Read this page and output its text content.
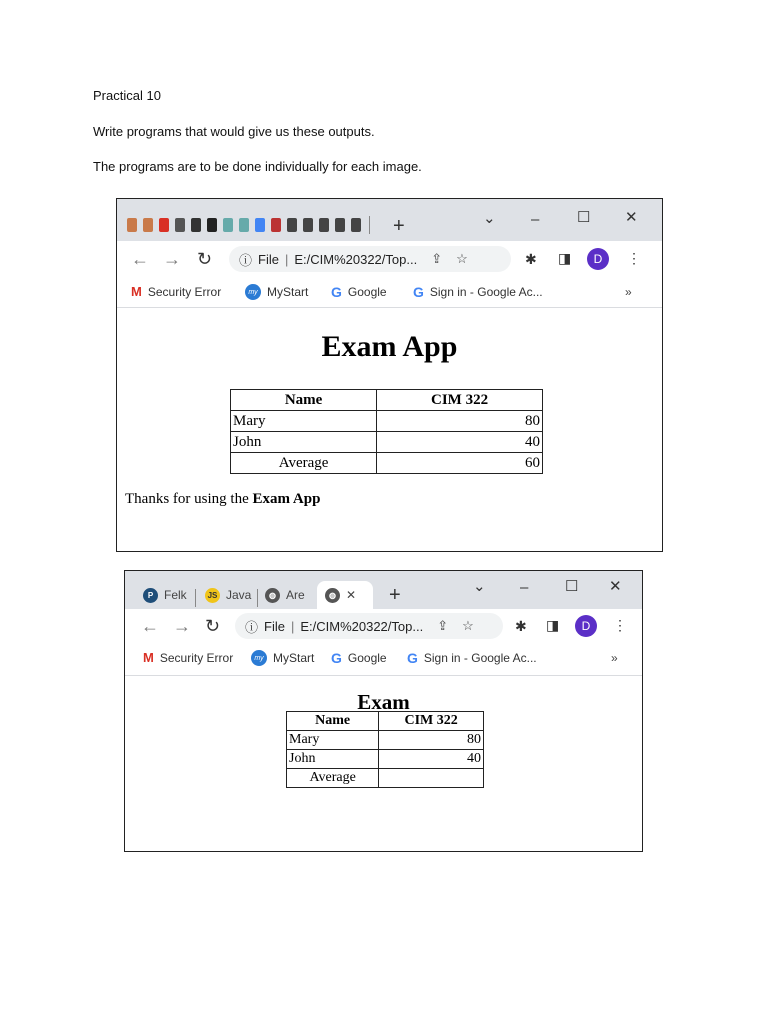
Practical 10

Write programs that would give us these outputs.

The programs are to be done individually for each image.

+	⌄ –	☐ ✕
← → ↻ ⓘ File | E:/CIM%20322/Top... ⇪ ☆	✱ ◨	D	⋮
M Security Error	my MyStart G Google G Sign in - Google Ac...	»
Exam App
Name	CIM 322
Mary	80
John	40
Average	60
Thanks for using the Exam App
P Felk	JS Java	◍ Are	◍ ✕ +	⌄ – ☐ ✕
← → ↻ ⓘ File | E:/CIM%20322/Top... ⇪ ☆	✱ ◨	D	⋮
M Security Error	my MyStart G Google G Sign in - Google Ac...	»
Exam
Name	CIM 322
Mary	80
John	40
Average	
